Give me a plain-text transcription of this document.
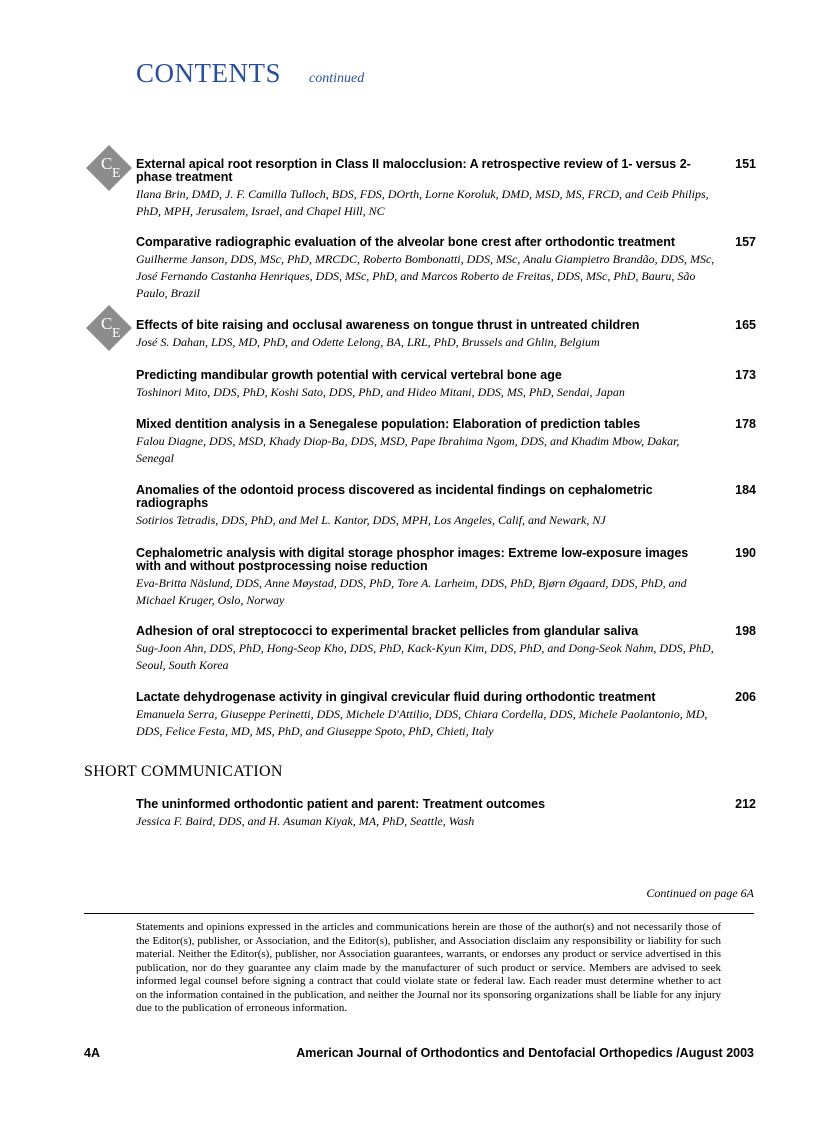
CONTENTS continued
C
E
C
E
External apical root resorption in Class II malocclusion: A retrospective review of 1- versus 2-phase treatment
151
Ilana Brin, DMD, J. F. Camilla Tulloch, BDS, FDS, DOrth, Lorne Koroluk, DMD, MSD, MS, FRCD, and Ceib Philips, PhD, MPH, Jerusalem, Israel, and Chapel Hill, NC
Comparative radiographic evaluation of the alveolar bone crest after orthodontic treatment	157
Guilherme Janson, DDS, MSc, PhD, MRCDC, Roberto Bombonatti, DDS, MSc, Analu Giampietro Brandão, DDS, MSc, José Fernando Castanha Henriques, DDS, MSc, PhD, and Marcos Roberto de Freitas, DDS, MSc, PhD, Bauru, São Paulo, Brazil
Effects of bite raising and occlusal awareness on tongue thrust in untreated children	165
José S. Dahan, LDS, MD, PhD, and Odette Lelong, BA, LRL, PhD, Brussels and Ghlin, Belgium
Predicting mandibular growth potential with cervical vertebral bone age	173
Toshinori Mito, DDS, PhD, Koshi Sato, DDS, PhD, and Hideo Mitani, DDS, MS, PhD, Sendai, Japan
Mixed dentition analysis in a Senegalese population: Elaboration of prediction tables	178
Falou Diagne, DDS, MSD, Khady Diop-Ba, DDS, MSD, Pape Ibrahima Ngom, DDS, and Khadim Mbow, Dakar, Senegal
Anomalies of the odontoid process discovered as incidental findings on cephalometric radiographs
184
Sotirios Tetradis, DDS, PhD, and Mel L. Kantor, DDS, MPH, Los Angeles, Calif, and Newark, NJ
Cephalometric analysis with digital storage phosphor images: Extreme low-exposure images with and without postprocessing noise reduction
190
Eva-Britta Näslund, DDS, Anne Møystad, DDS, PhD, Tore A. Larheim, DDS, PhD, Bjørn Øgaard, DDS, PhD, and Michael Kruger, Oslo, Norway
Adhesion of oral streptococci to experimental bracket pellicles from glandular saliva	198
Sug-Joon Ahn, DDS, PhD, Hong-Seop Kho, DDS, PhD, Kack-Kyun Kim, DDS, PhD, and Dong-Seok Nahm, DDS, PhD, Seoul, South Korea
Lactate dehydrogenase activity in gingival crevicular fluid during orthodontic treatment	206
Emanuela Serra, Giuseppe Perinetti, DDS, Michele D'Attilio, DDS, Chiara Cordella, DDS, Michele Paolantonio, MD, DDS, Felice Festa, MD, MS, PhD, and Giuseppe Spoto, PhD, Chieti, Italy
SHORT COMMUNICATION
The uninformed orthodontic patient and parent: Treatment outcomes	212
Jessica F. Baird, DDS, and H. Asuman Kiyak, MA, PhD, Seattle, Wash
Continued on page 6A
Statements and opinions expressed in the articles and communications herein are those of the author(s) and not necessarily those of the Editor(s), publisher, or Association, and the Editor(s), publisher, and Association disclaim any responsibility or liability for such material. Neither the Editor(s), publisher, nor Association guarantees, warrants, or endorses any product or service advertised in this publication, nor do they guarantee any claim made by the manufacturer of such product or service. Members are advised to seek informed legal counsel before signing a contract that could violate state or federal law. Each reader must determine whether to act on the information contained in the publication, and neither the Journal nor its sponsoring organizations shall be liable for any injury due to the publication of erroneous information.
4A	American Journal of Orthodontics and Dentofacial Orthopedics /August 2003
